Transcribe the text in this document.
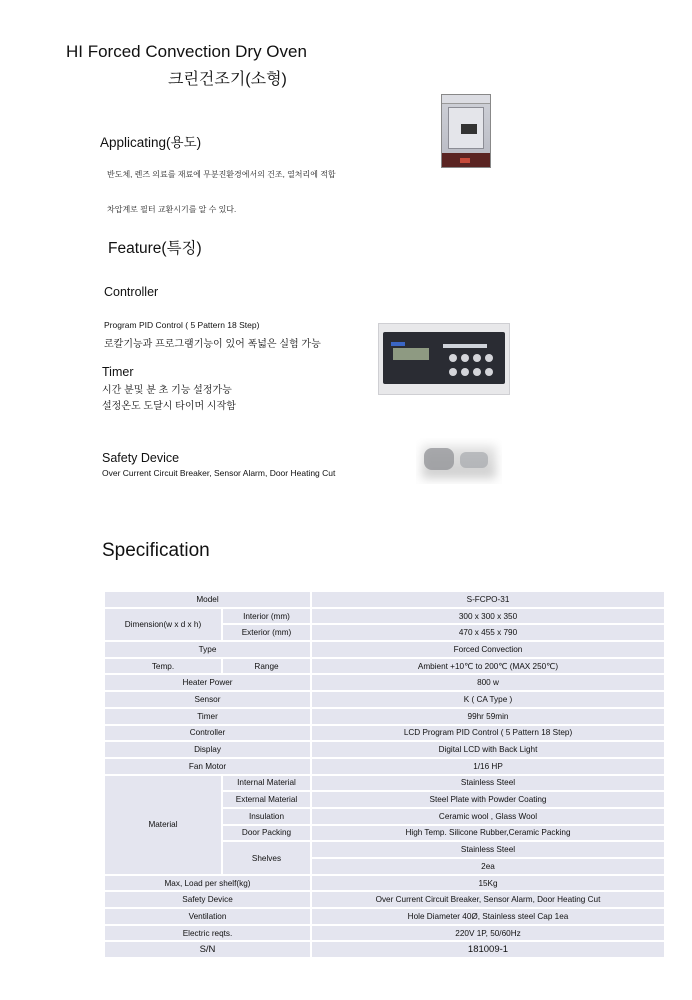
HI Forced Convection Dry Oven
크린건조기(소형)
Applicating(용도)
반도체, 렌즈 의료를 재료에 무분진환경에서의 건조, 열처리에 적합
차압계로 필터 교환시기를 알 수 있다.
Feature(특징)
Controller
Program PID Control ( 5 Pattern 18 Step)
로칼기능과 프로그램기능이 있어 폭넓은 실험 가능
Timer
시간 분및 분 초 기능 설정가능
설정온도 도달시 타이머 시작함
Safety Device
Over Current Circuit Breaker, Sensor Alarm, Door Heating Cut
Specification
Model		S-FCPO-31
Dimension(w x d x h)	Interior (mm)	300 x 300 x 350
	Exterior (mm)	470 x 455 x 790
Type		Forced Convection
Temp.	Range	Ambient +10℃ to 200℃ (MAX 250℃)
Heater Power		800 w
Sensor		K ( CA Type )
Timer		99hr 59min
Controller		LCD Program PID Control ( 5 Pattern 18 Step)
Display		Digital LCD with Back Light
Fan Motor		1/16 HP
Material	Internal Material	Stainless Steel
	External Material	Steel Plate with Powder Coating
	Insulation	Ceramic wool , Glass Wool
	Door Packing	High Temp. Silicone Rubber,Ceramic Packing
	Shelves	Stainless Steel
		2ea
Max, Load per shelf(kg)		15Kg
Safety Device		Over Current Circuit Breaker, Sensor Alarm, Door Heating Cut
Ventilation		Hole Diameter 40Ø, Stainless steel Cap 1ea
Electric reqts.		220V 1P, 50/60Hz
S/N		181009-1
